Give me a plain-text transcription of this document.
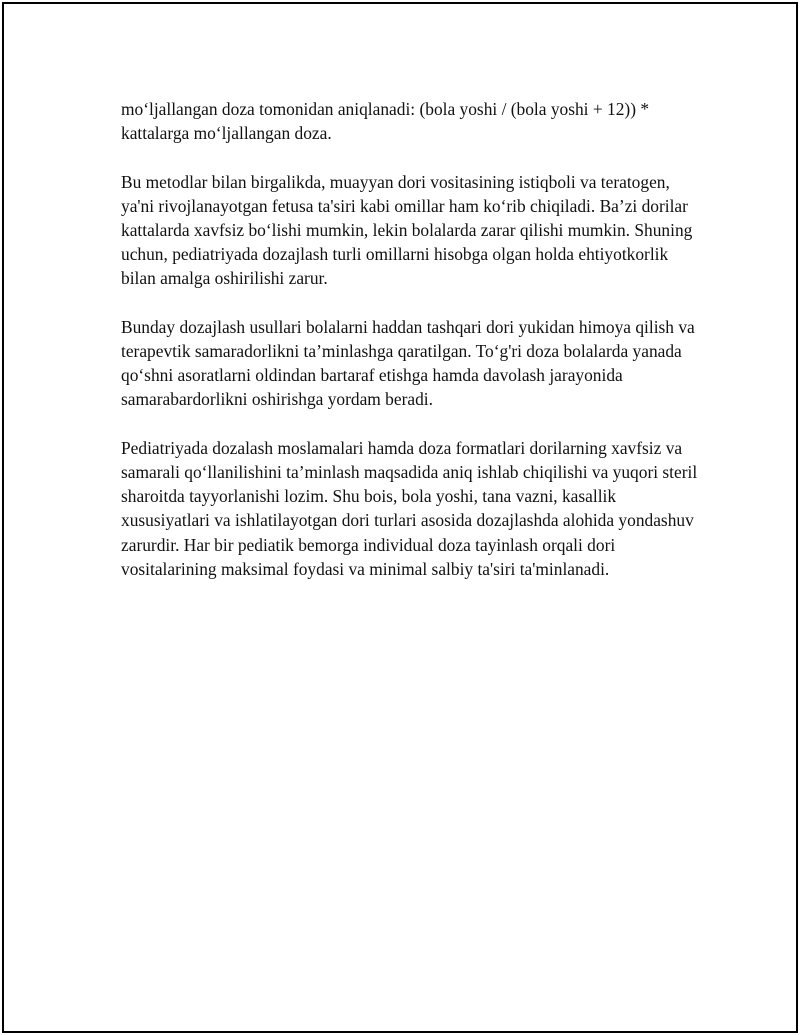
mo‘ljallangan doza tomonidan aniqlanadi: (bola yoshi / (bola yoshi + 12)) * kattalarga mo‘ljallangan doza.

Bu metodlar bilan birgalikda, muayyan dori vositasining istiqboli va teratogen, ya'ni rivojlanayotgan fetusa ta'siri kabi omillar ham ko‘rib chiqiladi. Ba’zi dorilar kattalarda xavfsiz bo‘lishi mumkin, lekin bolalarda zarar qilishi mumkin. Shuning uchun, pediatriyada dozajlash turli omillarni hisobga olgan holda ehtiyotkorlik bilan amalga oshirilishi zarur.

Bunday dozajlash usullari bolalarni haddan tashqari dori yukidan himoya qilish va terapevtik samaradorlikni ta’minlashga qaratilgan. To‘g'ri doza bolalarda yanada qo‘shni asoratlarni oldindan bartaraf etishga hamda davolash jarayonida samarabardorlikni oshirishga yordam beradi.

Pediatriyada dozalash moslamalari hamda doza formatlari dorilarning xavfsiz va samarali qo‘llanilishini ta’minlash maqsadida aniq ishlab chiqilishi va yuqori steril sharoitda tayyorlanishi lozim. Shu bois, bola yoshi, tana vazni, kasallik xususiyatlari va ishlatilayotgan dori turlari asosida dozajlashda alohida yondashuv zarurdir. Har bir pediatik bemorga individual doza tayinlash orqali dori vositalarining maksimal foydasi va minimal salbiy ta'siri ta'minlanadi.
